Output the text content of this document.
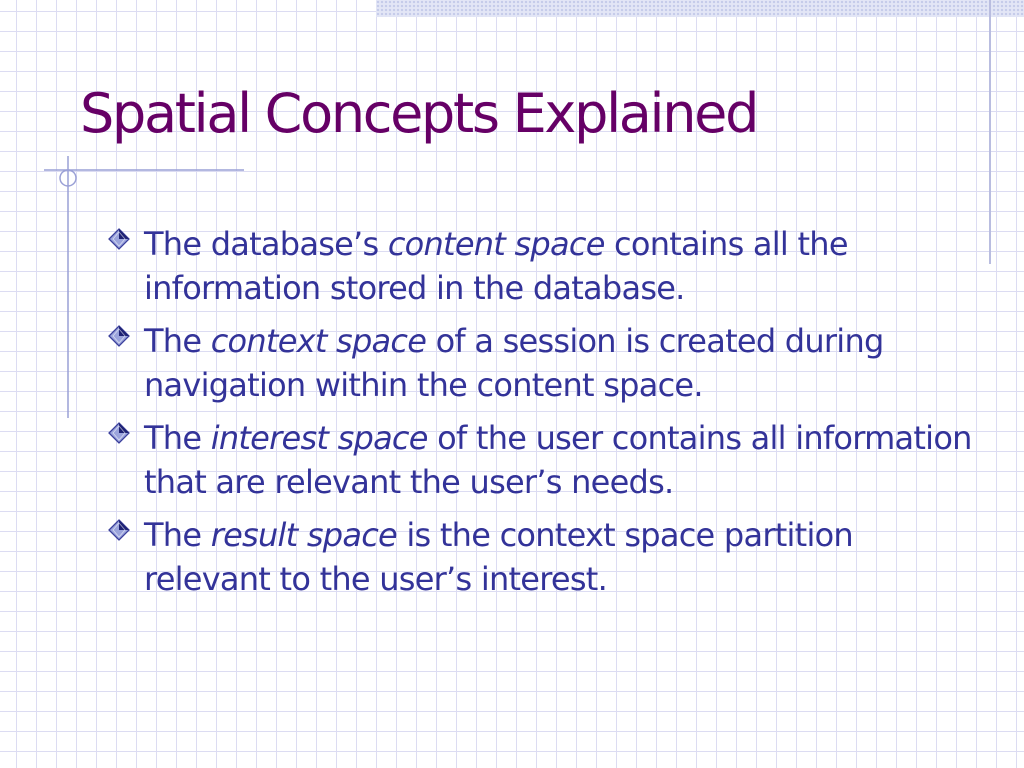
Spatial Concepts Explained
The database’s content space contains all the information stored in the database.
The context space of a session is created during navigation within the content space.
The interest space of the user contains all information that are relevant the user’s needs.
The result space is the context space partition relevant to the user’s interest.
